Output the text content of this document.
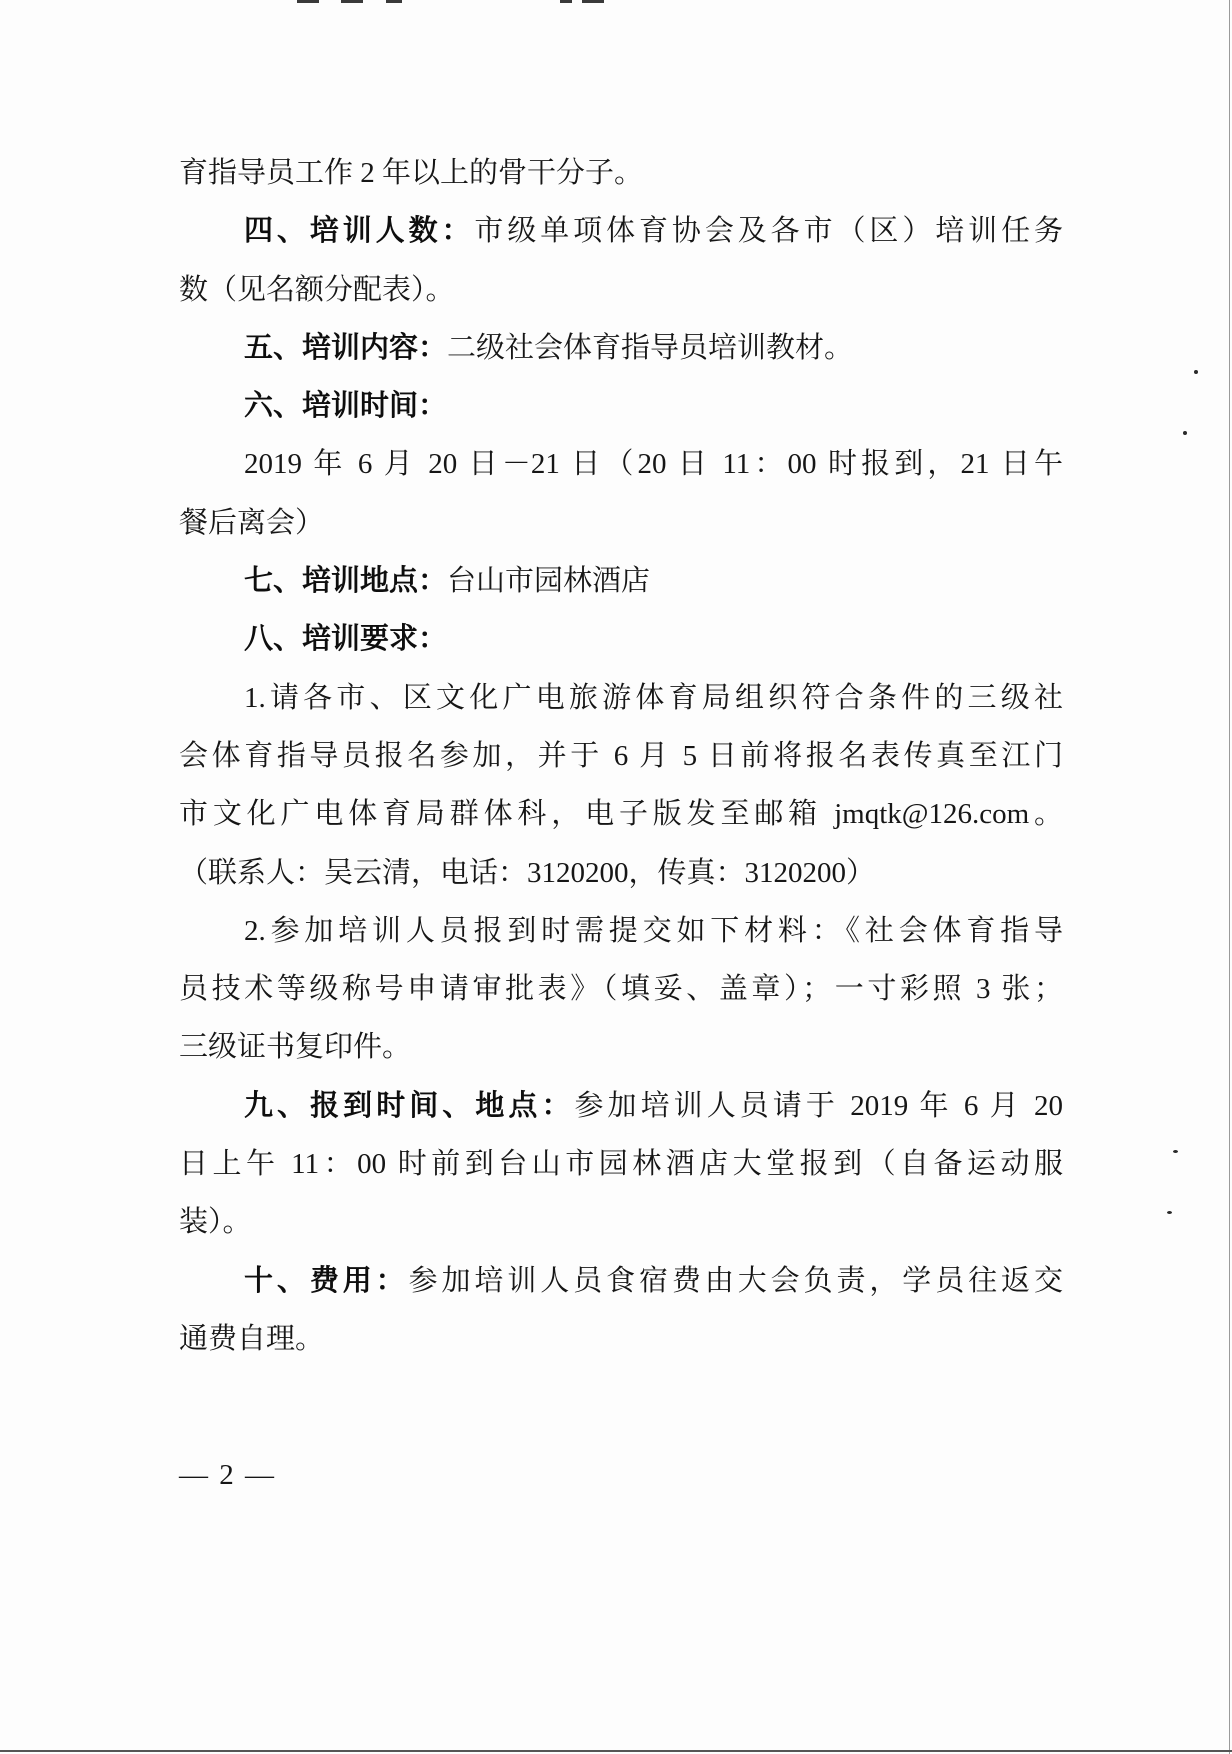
育指导员工作 2 年以上的骨干分子。
四、培训人数：市级单项体育协会及各市（区）培训任务
数（见名额分配表）。
五、培训内容：二级社会体育指导员培训教材。
六、培训时间：
2019 年 6 月 20 日－21 日（20 日 11：00 时报到，21 日午
餐后离会）
七、培训地点：台山市园林酒店
八、培训要求：
1.请各市、区文化广电旅游体育局组织符合条件的三级社
会体育指导员报名参加，并于 6 月 5 日前将报名表传真至江门
市文化广电体育局群体科，电子版发至邮箱 jmqtk@126.com。
（联系人：吴云清，电话：3120200，传真：3120200）
2.参加培训人员报到时需提交如下材料：《社会体育指导
员技术等级称号申请审批表》（填妥、盖章）；一寸彩照 3 张；
三级证书复印件。
九、报到时间、地点：参加培训人员请于 2019 年 6 月 20
日上午 11：00 时前到台山市园林酒店大堂报到（自备运动服
装）。
十、费用：参加培训人员食宿费由大会负责，学员往返交
通费自理。
— 2 —
